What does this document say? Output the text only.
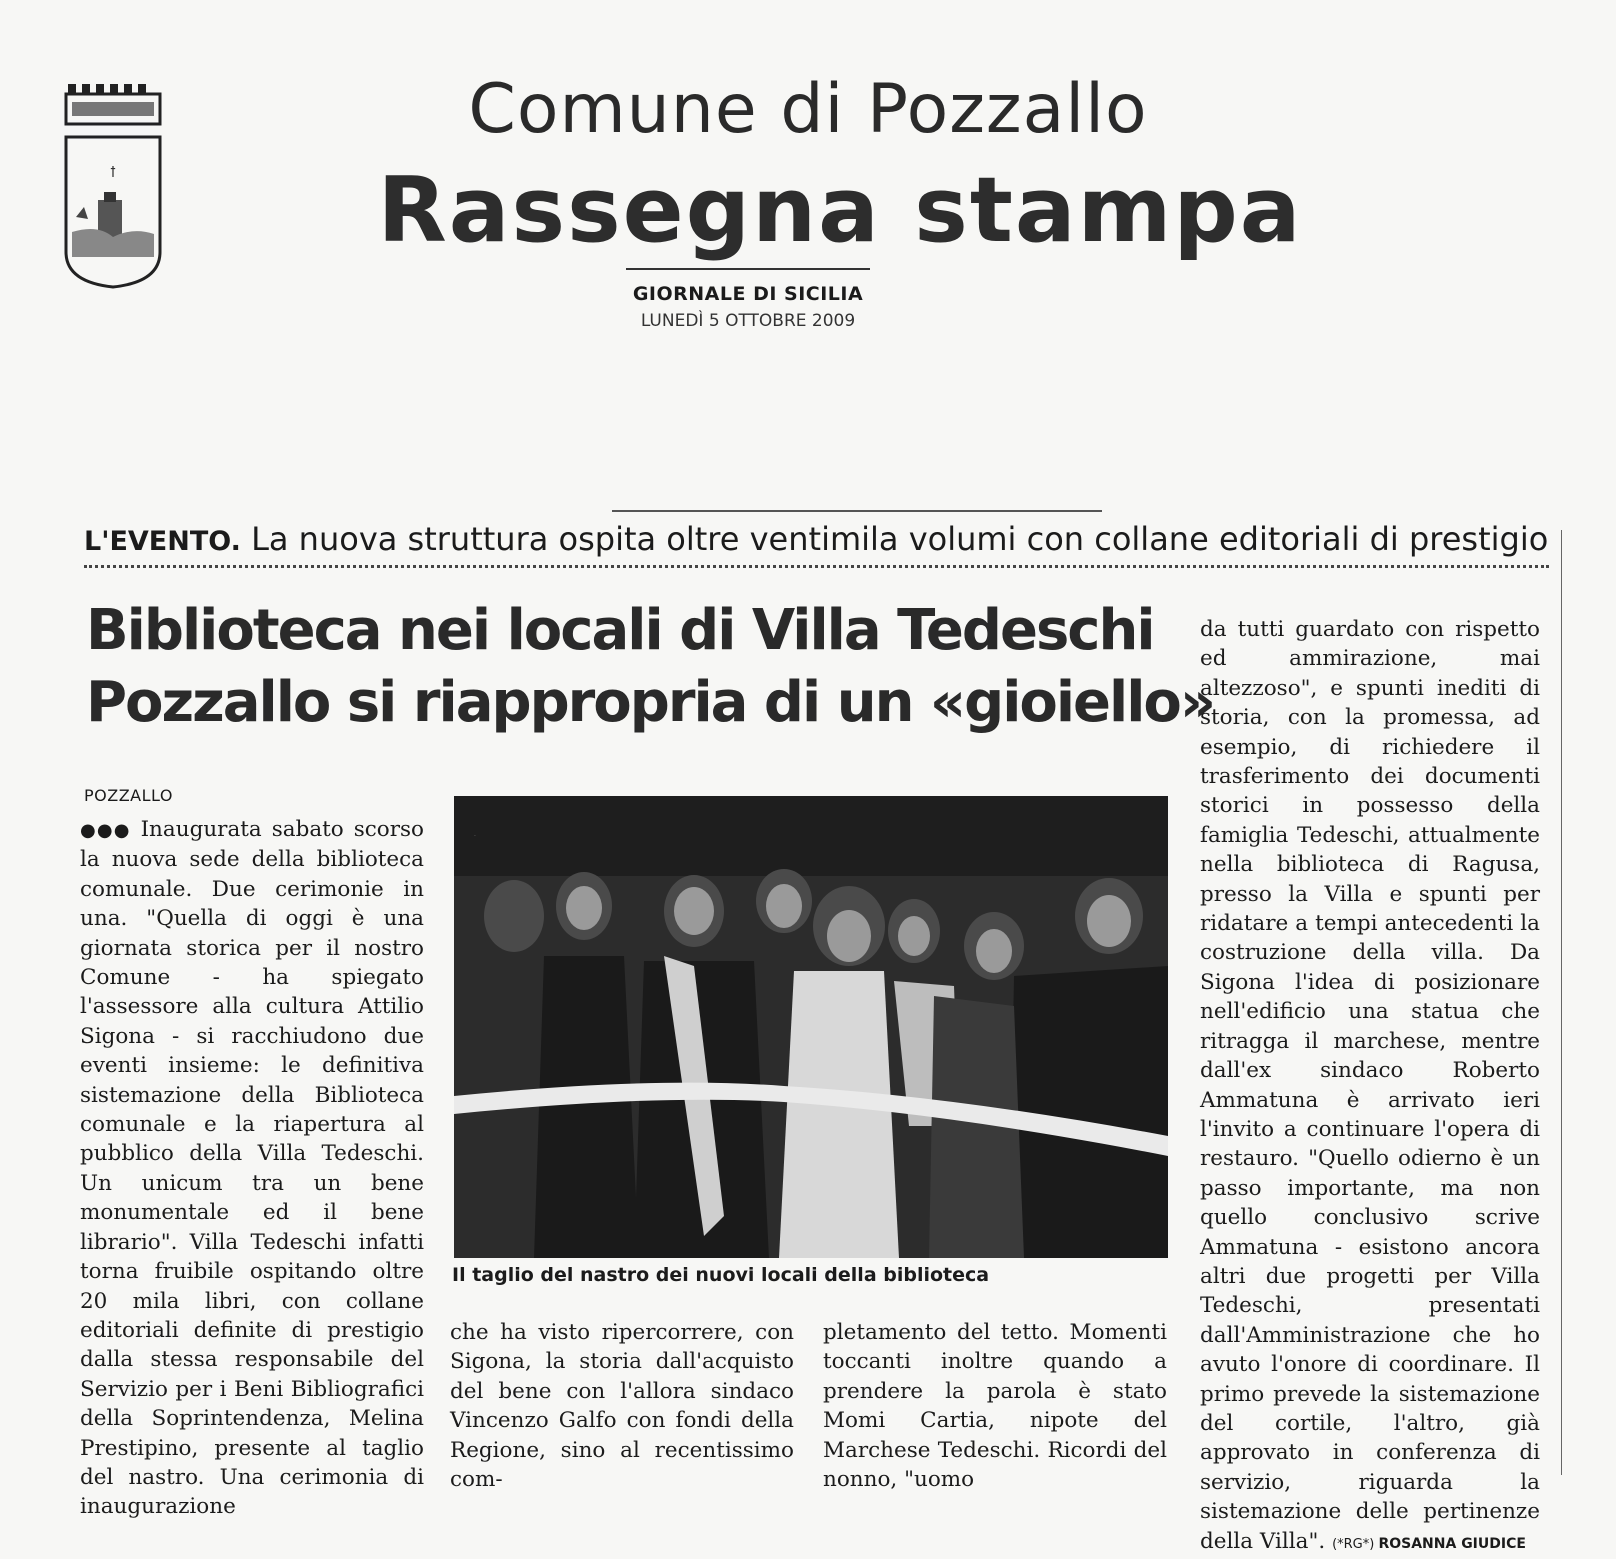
ꝉ
Comune di Pozzallo
Rassegna stampa
GIORNALE DI SICILIA
LUNEDÌ 5 OTTOBRE 2009
L'EVENTO. La nuova struttura ospita oltre ventimila volumi con collane editoriali di prestigio
Biblioteca nei locali di Villa Tedeschi
Pozzallo si riappropria di un «gioiello»
POZZALLO

●●● Inaugurata sabato scorso la nuova sede della biblioteca comunale. Due cerimonie in una. "Quella di oggi è una giornata storica per il nostro Comune - ha spiegato l'assessore alla cultura Attilio Sigona - si racchiudono due eventi insieme: le definitiva sistemazione della Biblioteca comunale e la riapertura al pubblico della Villa Tedeschi. Un unicum tra un bene monumentale ed il bene librario". Villa Tedeschi infatti torna fruibile ospitando oltre 20 mila libri, con collane editoriali definite di prestigio dalla stessa responsabile del Servizio per i Beni Bibliografici della Soprintendenza, Melina Prestipino, presente al taglio del nastro. Una cerimonia di inaugurazione

.
Il taglio del nastro dei nuovi locali della biblioteca

che ha visto ripercorrere, con Sigona, la storia dall'acquisto del bene con l'allora sindaco Vincenzo Galfo con fondi della Regione, sino al recentissimo com-

pletamento del tetto. Momenti toccanti inoltre quando a prendere la parola è stato Momi Cartia, nipote del Marchese Tedeschi. Ricordi del nonno, "uomo

da tutti guardato con rispetto ed ammirazione, mai altezzoso", e spunti inediti di storia, con la promessa, ad esempio, di richiedere il trasferimento dei documenti storici in possesso della famiglia Tedeschi, attualmente nella biblioteca di Ragusa, presso la Villa e spunti per ridatare a tempi antecedenti la costruzione della villa. Da Sigona l'idea di posizionare nell'edificio una statua che ritragga il marchese, mentre dall'ex sindaco Roberto Ammatuna è arrivato ieri l'invito a continuare l'opera di restauro. "Quello odierno è un passo importante, ma non quello conclusivo scrive Ammatuna - esistono ancora altri due progetti per Villa Tedeschi, presentati dall'Amministrazione che ho avuto l'onore di coordinare. Il primo prevede la sistemazione del cortile, l'altro, già approvato in conferenza di servizio, riguarda la sistemazione delle pertinenze della Villa". (*RG*) ROSANNA GIUDICE
